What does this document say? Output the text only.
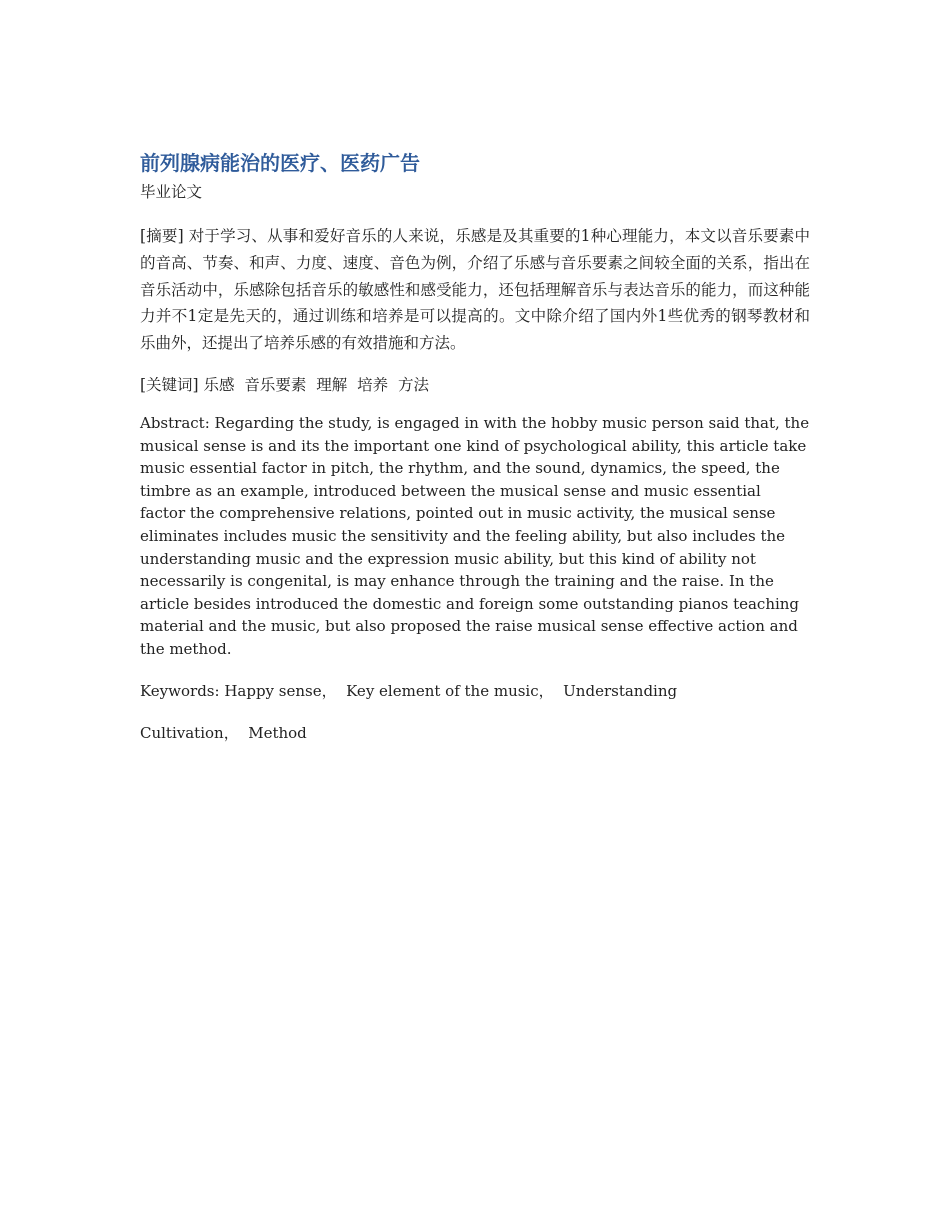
前列腺病能治的医疗、医药广告

毕业论文

[摘要] 对于学习、从事和爱好音乐的人来说，乐感是及其重要的1种心理能力，本文以音乐要素中的音高、节奏、和声、力度、速度、音色为例，介绍了乐感与音乐要素之间较全面的关系，指出在音乐活动中，乐感除包括音乐的敏感性和感受能力，还包括理解音乐与表达音乐的能力，而这种能力并不1定是先天的，通过训练和培养是可以提高的。文中除介绍了国内外1些优秀的钢琴教材和乐曲外，还提出了培养乐感的有效措施和方法。

[关键词] 乐感  音乐要素  理解  培养  方法

Abstract: Regarding the study, is engaged in with the hobby music person said that, the musical sense is and its the important one kind of psychological ability, this article take music essential factor in pitch, the rhythm, and the sound, dynamics, the speed, the timbre as an example, introduced between the musical sense and music essential factor the comprehensive relations, pointed out in music activity, the musical sense eliminates includes music the sensitivity and the feeling ability, but also includes the understanding music and the expression music ability, but this kind of ability not necessarily is congenital, is may enhance through the training and the raise. In the article besides introduced the domestic and foreign some outstanding pianos teaching material and the music, but also proposed the raise musical sense effective action and the method.

Keywords: Happy sense，  Key element of the music，  Understanding

Cultivation，  Method
